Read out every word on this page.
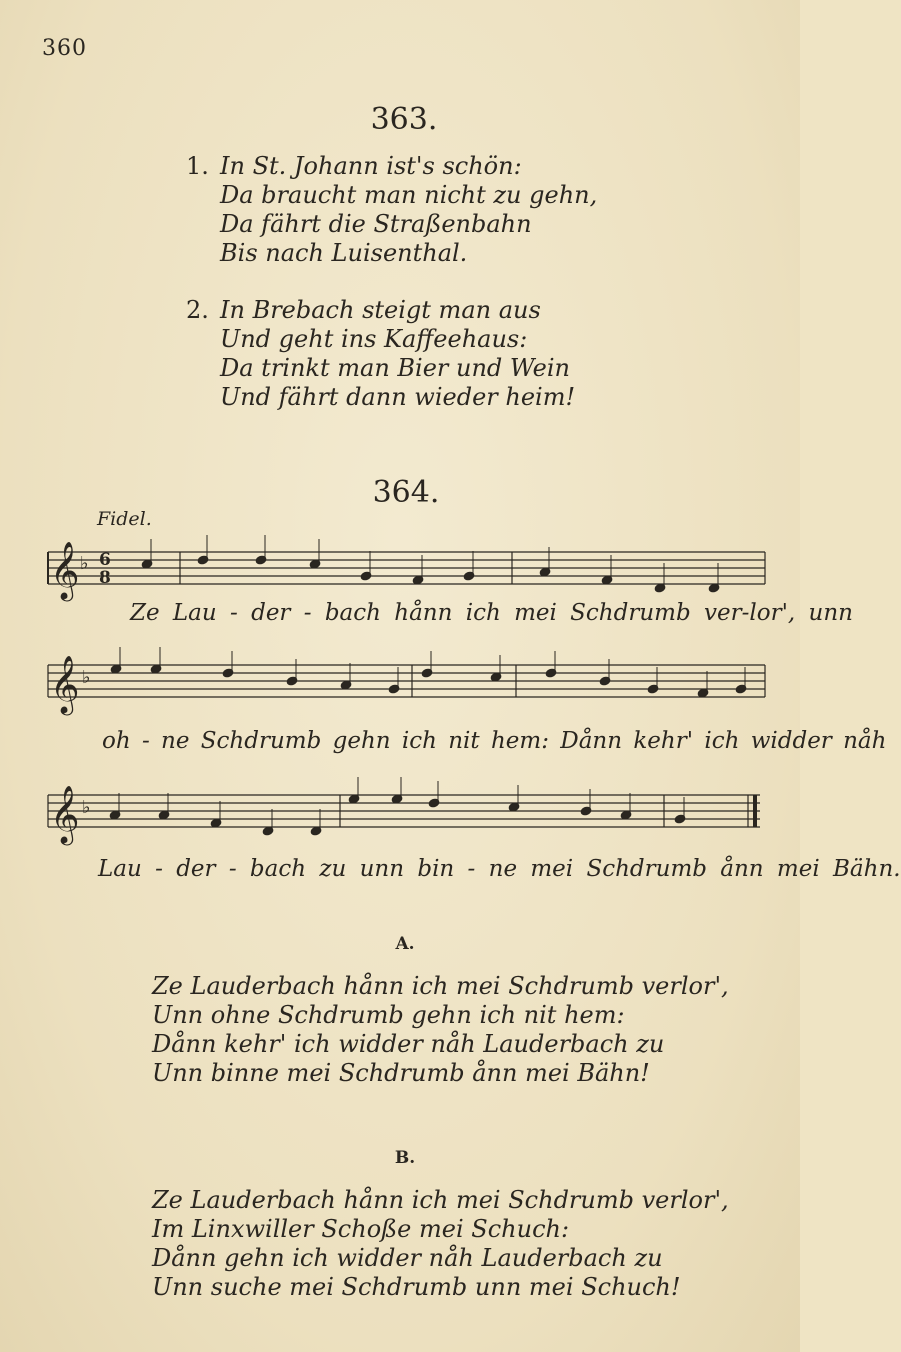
360
363.
1. In St. Johann ist's schön:
Da braucht man nicht zu gehn,
Da fährt die Straßenbahn
Bis nach Luisenthal.
2. In Brebach steigt man aus
Und geht ins Kaffeehaus:
Da trinkt man Bier und Wein
Und fährt dann wieder heim!
364.
Fidel.
𝄞 ♭ 6
8
Ze Lau - der - bach hånn ich mei Schdrumb ver-lor', unn
𝄞 ♭
oh - ne Schdrumb gehn ich nit hem: Dånn kehr' ich widder nåh
𝄞 ♭
Lau - der - bach zu unn bin - ne mei Schdrumb ånn mei Bähn.
A.
Ze Lauderbach hånn ich mei Schdrumb verlor',
Unn ohne Schdrumb gehn ich nit hem:
Dånn kehr' ich widder nåh Lauderbach zu
Unn binne mei Schdrumb ånn mei Bähn!
B.
Ze Lauderbach hånn ich mei Schdrumb verlor',
Im Linxwiller Schoße mei Schuch:
Dånn gehn ich widder nåh Lauderbach zu
Unn suche mei Schdrumb unn mei Schuch!
